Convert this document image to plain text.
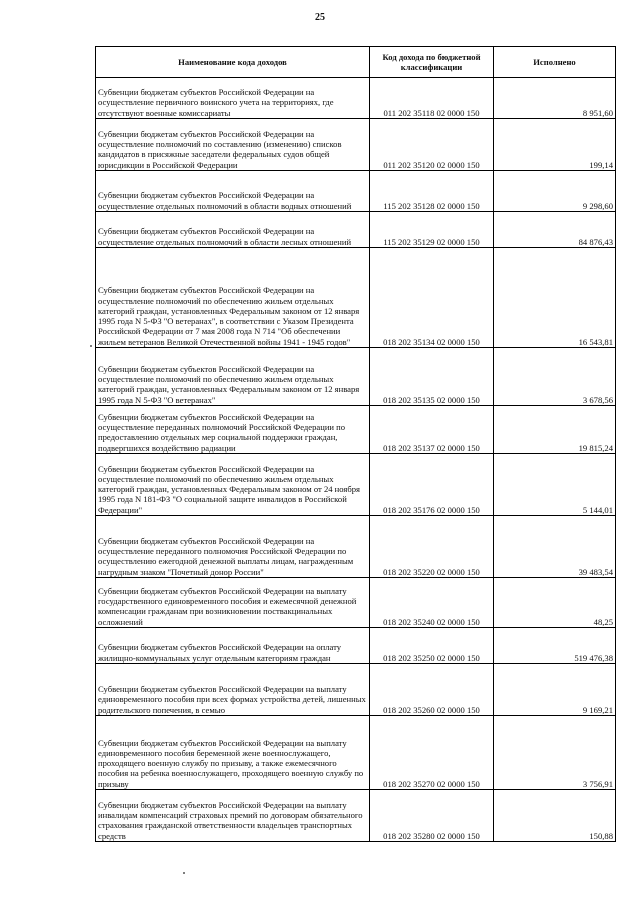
25
Наименование кода доходов	Код дохода по бюджетной классификации	Исполнено
Субвенции бюджетам субъектов Российской Федерации на осуществление первичного воинского учета на территориях, где отсутствуют военные комиссариаты	011 202 35118 02 0000 150	8 951,60
Субвенции бюджетам субъектов Российской Федерации на осуществление полномочий по составлению (изменению) списков кандидатов в присяжные заседатели федеральных судов общей юрисдикции в Российской Федерации	011 202 35120 02 0000 150	199,14
Субвенции бюджетам субъектов Российской Федерации на осуществление отдельных полномочий в области водных отношений	115 202 35128 02 0000 150	9 298,60
Субвенции бюджетам субъектов Российской Федерации на осуществление отдельных полномочий в области лесных отношений	115 202 35129 02 0000 150	84 876,43
Субвенции бюджетам субъектов Российской Федерации на осуществление полномочий по обеспечению жильем отдельных категорий граждан, установленных Федеральным законом от 12 января 1995 года N 5-ФЗ "О ветеранах", в соответствии с Указом Президента Российской Федерации от 7 мая 2008 года N 714 "Об обеспечении жильем ветеранов Великой Отечественной войны 1941 - 1945 годов"	018 202 35134 02 0000 150	16 543,81
Субвенции бюджетам субъектов Российской Федерации на осуществление полномочий по обеспечению жильем отдельных категорий граждан, установленных Федеральным законом от 12 января 1995 года N 5-ФЗ "О ветеранах"	018 202 35135 02 0000 150	3 678,56
Субвенции бюджетам субъектов Российской Федерации на осуществление переданных полномочий Российской Федерации по предоставлению отдельных мер социальной поддержки граждан, подвергшихся воздействию радиации	018 202 35137 02 0000 150	19 815,24
Субвенции бюджетам субъектов Российской Федерации на осуществление полномочий по обеспечению жильем отдельных категорий граждан, установленных Федеральным законом от 24 ноября 1995 года N 181-ФЗ "О социальной защите инвалидов в Российской Федерации"	018 202 35176 02 0000 150	5 144,01
Субвенции бюджетам субъектов Российской Федерации на осуществление переданного полномочия Российской Федерации по осуществлению ежегодной денежной выплаты лицам, награжденным нагрудным знаком "Почетный донор России"	018 202 35220 02 0000 150	39 483,54
Субвенции бюджетам субъектов Российской Федерации на выплату государственного единовременного пособия и ежемесячной денежной компенсации гражданам при возникновении поствакцинальных осложнений	018 202 35240 02 0000 150	48,25
Субвенции бюджетам субъектов Российской Федерации на оплату жилищно-коммунальных услуг отдельным категориям граждан	018 202 35250 02 0000 150	519 476,38
Субвенции бюджетам субъектов Российской Федерации на выплату единовременного пособия при всех формах устройства детей, лишенных родительского попечения, в семью	018 202 35260 02 0000 150	9 169,21
Субвенции бюджетам субъектов Российской Федерации на выплату единовременного пособия беременной жене военнослужащего, проходящего военную службу по призыву, а также ежемесячного пособия на ребенка военнослужащего, проходящего военную службу по призыву	018 202 35270 02 0000 150	3 756,91
Субвенции бюджетам субъектов Российской Федерации на выплату инвалидам компенсаций страховых премий по договорам обязательного страхования гражданской ответственности владельцев транспортных средств	018 202 35280 02 0000 150	150,88
